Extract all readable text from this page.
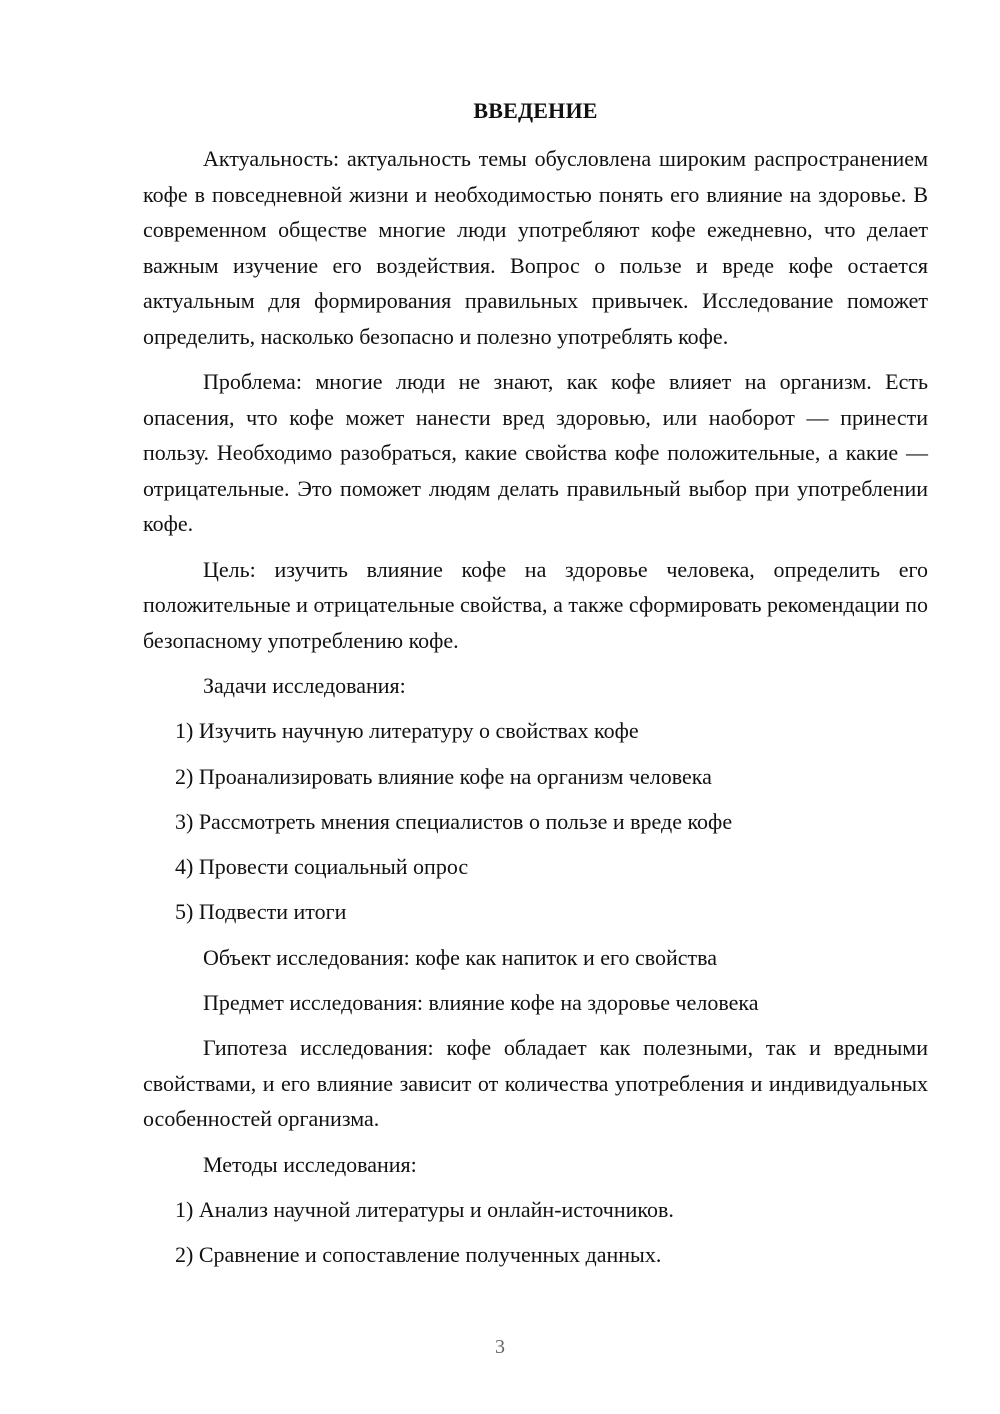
ВВЕДЕНИЕ

Актуальность: актуальность темы обусловлена широким распространением кофе в повседневной жизни и необходимостью понять его влияние на здоровье. В современном обществе многие люди употребляют кофе ежедневно, что делает важным изучение его воздействия. Вопрос о пользе и вреде кофе остается актуальным для формирования правильных привычек. Исследование поможет определить, насколько безопасно и полезно употреблять кофе.

Проблема: многие люди не знают, как кофе влияет на организм. Есть опасения, что кофе может нанести вред здоровью, или наоборот — принести пользу. Необходимо разобраться, какие свойства кофе положительные, а какие — отрицательные. Это поможет людям делать правильный выбор при употреблении кофе.

Цель: изучить влияние кофе на здоровье человека, определить его положительные и отрицательные свойства, а также сформировать рекомендации по безопасному употреблению кофе.

Задачи исследования:

1) Изучить научную литературу о свойствах кофе

2) Проанализировать влияние кофе на организм человека

3) Рассмотреть мнения специалистов о пользе и вреде кофе

4) Провести социальный опрос

5) Подвести итоги

Объект исследования: кофе как напиток и его свойства

Предмет исследования: влияние кофе на здоровье человека

Гипотеза исследования: кофе обладает как полезными, так и вредными свойствами, и его влияние зависит от количества употребления и индивидуальных особенностей организма.

Методы исследования:

1) Анализ научной литературы и онлайн-источников.

2) Сравнение и сопоставление полученных данных.

3
